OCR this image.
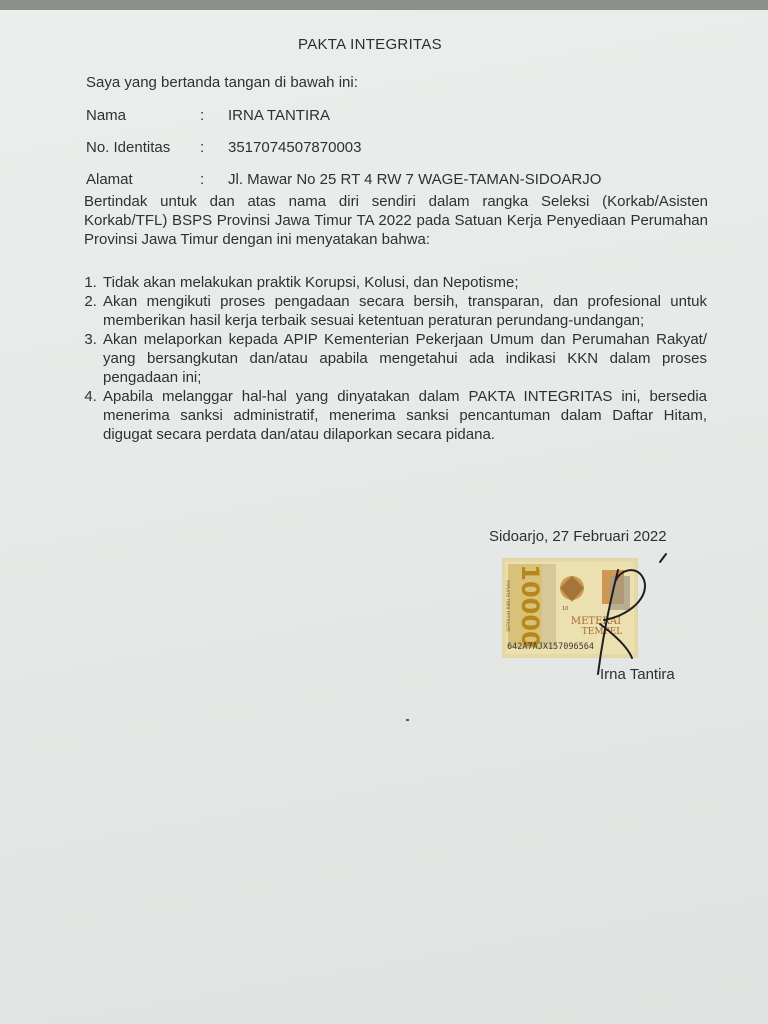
PAKTA INTEGRITAS
Saya yang bertanda tangan di bawah ini:
Nama	: IRNA TANTIRA
No. Identitas : 3517074507870003
Alamat	: Jl. Mawar No 25 RT 4 RW 7 WAGE-TAMAN-SIDOARJO
Bertindak untuk dan atas nama diri sendiri dalam rangka Seleksi (Korkab/Asisten Korkab/TFL) BSPS Provinsi Jawa Timur TA 2022 pada Satuan Kerja Penyediaan Perumahan Provinsi Jawa Timur dengan ini menyatakan bahwa:
1. Tidak akan melakukan praktik Korupsi, Kolusi, dan Nepotisme;
2. Akan mengikuti proses pengadaan secara bersih, transparan, dan profesional untuk memberikan hasil kerja terbaik sesuai ketentuan peraturan perundang-undangan;
3. Akan melaporkan kepada APIP Kementerian Pekerjaan Umum dan Perumahan Rakyat/ yang bersangkutan dan/atau apabila mengetahui ada indikasi KKN dalam proses pengadaan ini;
4. Apabila melanggar hal-hal yang dinyatakan dalam PAKTA INTEGRITAS ini, bersedia menerima sanksi administratif, menerima sanksi pencantuman dalam Daftar Hitam, digugat secara perdata dan/atau dilaporkan secara pidana.
Sidoarjo, 27 Februari 2022
10000
SEPULUH RIBU RUPIAH	10
METERAI
TEMPEL
642A7AJX157096564
Irna Tantira
